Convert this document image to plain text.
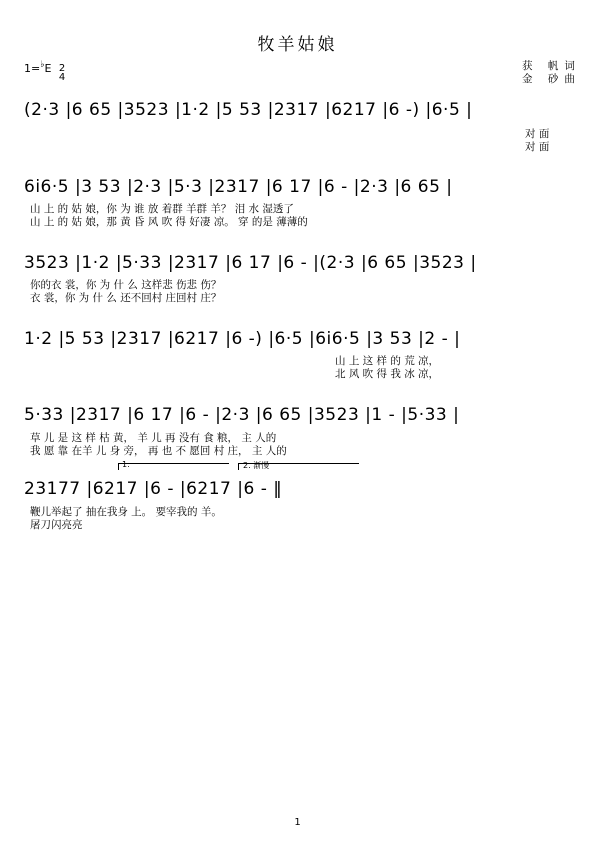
牧羊姑娘
获 帆词
金 砂曲
1=♭E 2
4
(2·3 |6 65 |3523 |1·2 |5 53 |2317 |6217 |6 -) |6·5 |
对 面
对 面
6i6·5 |3 53 |2·3 |5·3 |2317 |6 17 |6 - |2·3 |6 65 |
山 上 的 姑 娘，你 为 谁 放 着群 羊群 羊？ 泪 水 湿透了
山 上 的 姑 娘，那 黄 昏 风 吹 得 好凄 凉。 穿 的是 薄薄的
3523 |1·2 |5·33 |2317 |6 17 |6 - |(2·3 |6 65 |3523 |
你的衣 裳，你 为 什 么 这样悲 伤悲 伤？
衣 裳，你 为 什 么 还不回村 庄回村 庄？
1·2 |5 53 |2317 |6217 |6 -) |6·5 |6i6·5 |3 53 |2 - |
山 上 这 样 的 荒 凉，
北 风 吹 得 我 冰 凉，
5·33 |2317 |6 17 |6 - |2·3 |6 65 |3523 |1 - |5·33 |
草 儿 是 这 样 枯 黄， 羊 儿 再 没有 食 粮， 主 人的
我 愿 靠 在羊 儿 身 旁， 再 也 不 愿回 村 庄， 主 人的
1.	2. 渐慢
23177 |6217 |6 - |6217 |6 - ‖
鞭儿举起了 抽在我身 上。 要宰我的 羊。
屠刀闪亮亮
1
